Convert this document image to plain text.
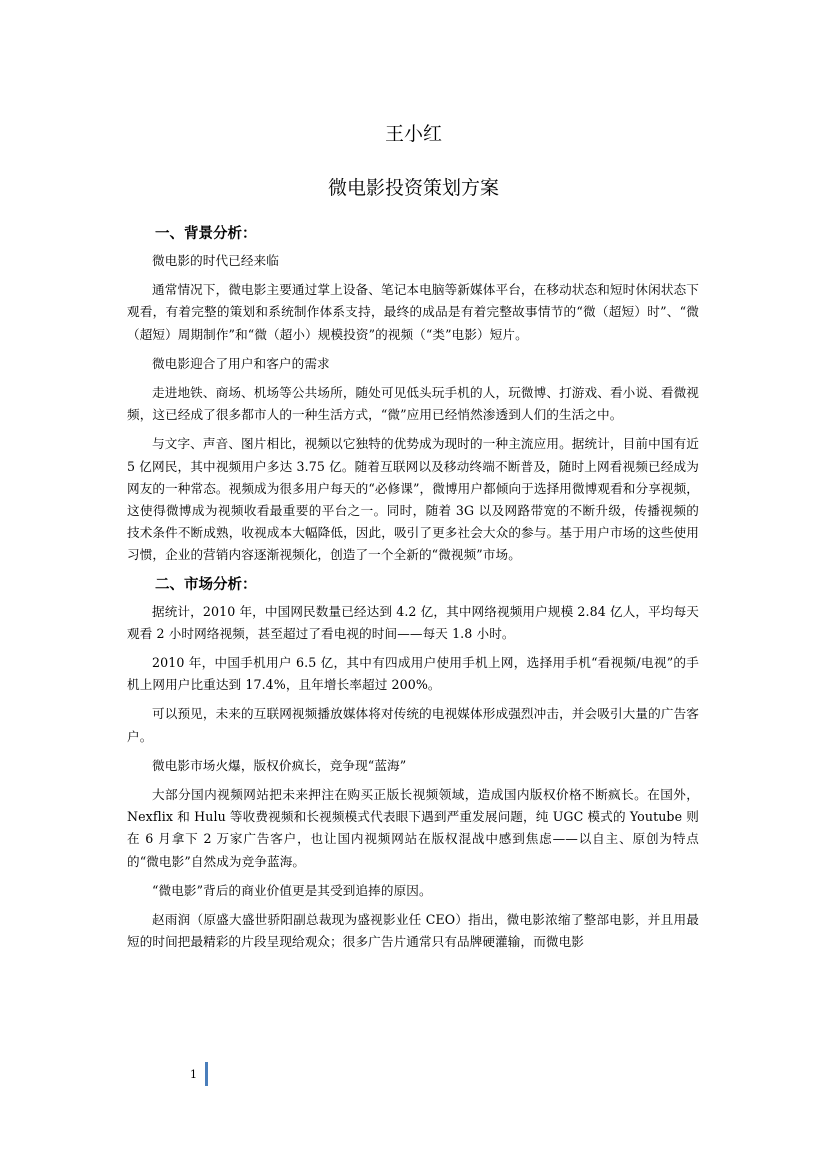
王小红
微电影投资策划方案
一、背景分析：

微电影的时代已经来临

通常情况下，微电影主要通过掌上设备、笔记本电脑等新媒体平台，在移动状态和短时休闲状态下观看，有着完整的策划和系统制作体系支持，最终的成品是有着完整故事情节的“微（超短）时”、“微（超短）周期制作”和“微（超小）规模投资”的视频（“类”电影）短片。

微电影迎合了用户和客户的需求

走进地铁、商场、机场等公共场所，随处可见低头玩手机的人，玩微博、打游戏、看小说、看微视频，这已经成了很多都市人的一种生活方式，“微”应用已经悄然渗透到人们的生活之中。

与文字、声音、图片相比，视频以它独特的优势成为现时的一种主流应用。据统计，目前中国有近 5 亿网民，其中视频用户多达 3.75 亿。随着互联网以及移动终端不断普及，随时上网看视频已经成为网友的一种常态。视频成为很多用户每天的“必修课”，微博用户都倾向于选择用微博观看和分享视频，这使得微博成为视频收看最重要的平台之一。同时，随着 3G 以及网路带宽的不断升级，传播视频的技术条件不断成熟，收视成本大幅降低，因此，吸引了更多社会大众的参与。基于用户市场的这些使用习惯，企业的营销内容逐渐视频化，创造了一个全新的“微视频”市场。

二、市场分析：

据统计，2010 年，中国网民数量已经达到 4.2 亿，其中网络视频用户规模 2.84 亿人，平均每天观看 2 小时网络视频，甚至超过了看电视的时间——每天 1.8 小时。

2010 年，中国手机用户 6.5 亿，其中有四成用户使用手机上网，选择用手机“看视频/电视”的手机上网用户比重达到 17.4%，且年增长率超过 200%。

可以预见，未来的互联网视频播放媒体将对传统的电视媒体形成强烈冲击，并会吸引大量的广告客户。

微电影市场火爆，版权价疯长，竞争现“蓝海”

大部分国内视频网站把未来押注在购买正版长视频领域，造成国内版权价格不断疯长。在国外，Nexflix 和 Hulu 等收费视频和长视频模式代表眼下遇到严重发展问题，纯 UGC 模式的 Youtube 则在 6 月拿下 2 万家广告客户，也让国内视频网站在版权混战中感到焦虑——以自主、原创为特点的“微电影”自然成为竞争蓝海。

“微电影”背后的商业价值更是其受到追捧的原因。

赵雨润（原盛大盛世骄阳副总裁现为盛视影业任 CEO）指出，微电影浓缩了整部电影，并且用最短的时间把最精彩的片段呈现给观众；很多广告片通常只有品牌硬灌输，而微电影

1
